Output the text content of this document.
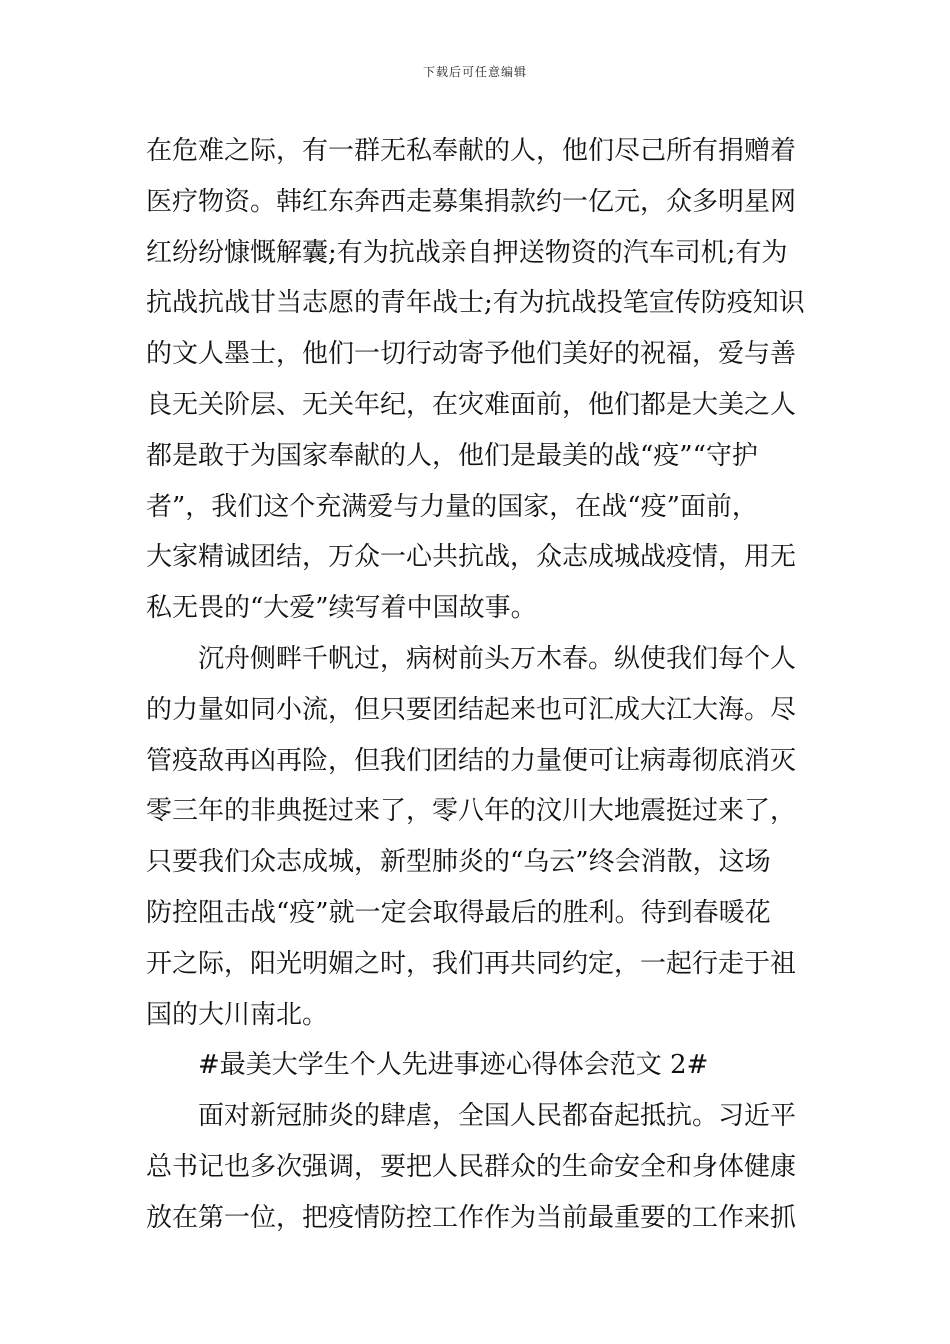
下载后可任意编辑
在危难之际，有一群无私奉献的人，他们尽己所有捐赠着
医疗物资。韩红东奔西走募集捐款约一亿元，众多明星网
红纷纷慷慨解囊;有为抗战亲自押送物资的汽车司机;有为
抗战抗战甘当志愿的青年战士;有为抗战投笔宣传防疫知识
的文人墨士，他们一切行动寄予他们美好的祝福，爱与善
良无关阶层、无关年纪，在灾难面前，他们都是大美之人
都是敢于为国家奉献的人，他们是最美的战“疫”“守护
者”，我们这个充满爱与力量的国家，在战“疫”面前，
大家精诚团结，万众一心共抗战，众志成城战疫情，用无
私无畏的“大爱”续写着中国故事。
沉舟侧畔千帆过，病树前头万木春。纵使我们每个人
的力量如同小流，但只要团结起来也可汇成大江大海。尽
管疫敌再凶再险，但我们团结的力量便可让病毒彻底消灭
零三年的非典挺过来了，零八年的汶川大地震挺过来了，
只要我们众志成城，新型肺炎的“乌云”终会消散，这场
防控阻击战“疫”就一定会取得最后的胜利。待到春暖花
开之际，阳光明媚之时，我们再共同约定，一起行走于祖
国的大川南北。
#最美大学生个人先进事迹心得体会范文 2#
面对新冠肺炎的肆虐，全国人民都奋起抵抗。习近平
总书记也多次强调，要把人民群众的生命安全和身体健康
放在第一位，把疫情防控工作作为当前最重要的工作来抓
